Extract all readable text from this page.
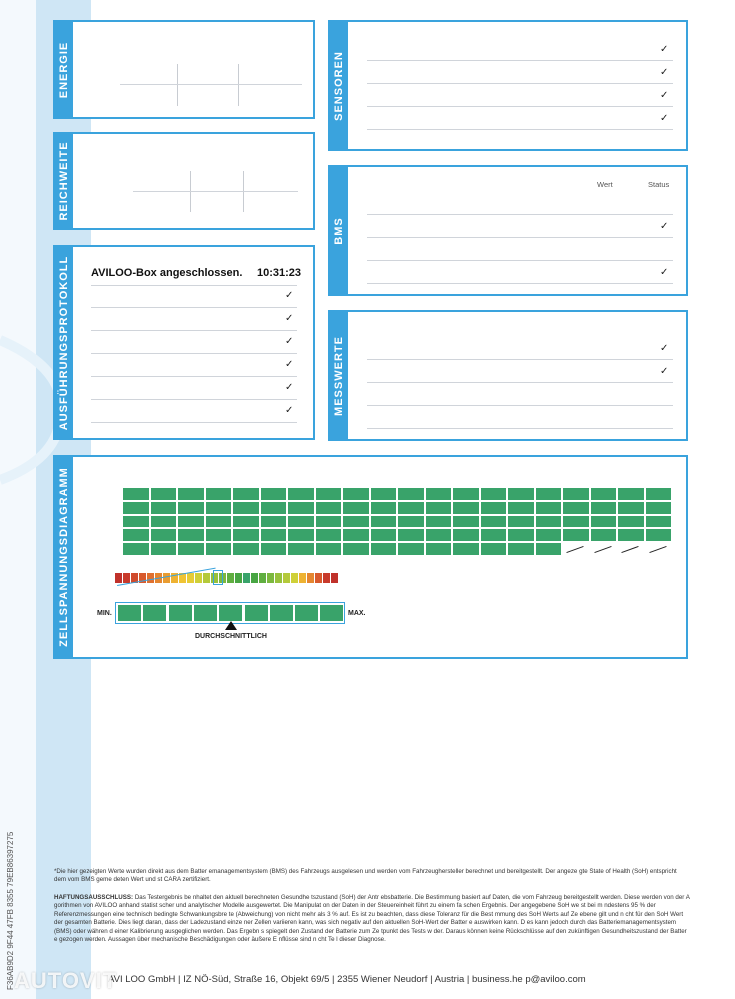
F36AB9D2 9F44 47FB 8355 79EB86397275
ENERGIE
REICHWEITE
AUSFÜHRUNGSPROTOKOLL AVILOO-Box angeschlossen. 10:31:23
✓
✓
✓
✓
✓
✓
SENSOREN
✓
✓
✓
✓
BMS
Wert	Status
✓
✓
MESSWERTE	✓
✓
ZELLSPANNUNGSDIAGRAMM	MIN.	MAX.
DURCHSCHNITTLICH
*Die hier gezeigten Werte wurden direkt aus dem Batter emanagementsystem (BMS) des Fahrzeugs ausgelesen und werden vom Fahrzeughersteller berechnet und bereitgestellt. Der angeze gte State of Health (SoH) entspricht dem vom BMS geme deten Wert und st CARA zertifiziert.
HAFTUNGSAUSSCHLUSS: Das Testergebnis be nhaltet den aktuell berechneten Gesundhe tszustand (SoH) der Antr ebsbatterie. Die Bestimmung basiert auf Daten, die vom Fahrzeug bereitgestellt werden. Diese werden von der A gorithmen von AVILOO anhand statist scher und analytischer Modelle ausgewertet. Die Manipulat on der Daten in der Steuereinheit führt zu einem fa schen Ergebnis. Der angegebene SoH we st bei m ndestens 95 % der Referenzmessungen eine technisch bedingte Schwankungsbre te (Abweichung) von nicht mehr als 3 % auf. Es ist zu beachten, dass diese Toleranz für die Best mmung des SoH Werts auf Ze ebene gilt und n cht für den SoH Wert der gesamten Batterie. Dies liegt daran, dass der Ladezustand einze ner Zellen variieren kann, was sich negativ auf den aktuellen SoH-Wert der Batter e auswirken kann. D es kann jedoch durch das Batteriemanagementsystem (BMS) oder währen d einer Kalibrierung ausgeglichen werden. Das Ergebn s spiegelt den Zustand der Batterie zum Ze tpunkt des Tests w der. Daraus können keine Rückschlüsse auf den zukünftigen Gesundheitszustand der Batter e gezogen werden. Aussagen über mechanische Beschädigungen oder äußere E nflüsse sind n cht Te l dieser Diagnose.
AVI LOO GmbH | IZ NÖ-Süd, Straße 16, Objekt 69/5 | 2355 Wiener Neudorf | Austria | business.he p@aviloo.com
AUTOVIT
